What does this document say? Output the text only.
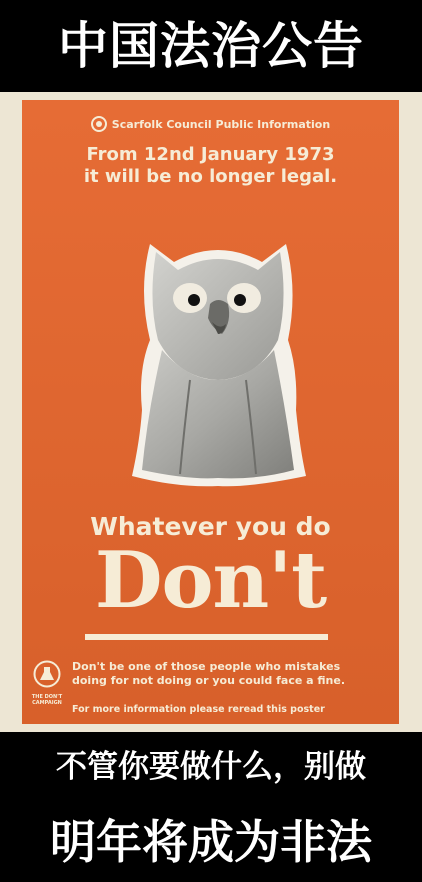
中国法治公告
Scarfolk Council Public Information
From 12nd January 1973
it will be no longer legal.
Whatever you do
Don't
THE DON'T
CAMPAIGN
Don't be one of those people who mistakes
doing for not doing or you could face a fine.
For more information please reread this poster
不管你要做什么，别做
明年将成为非法
